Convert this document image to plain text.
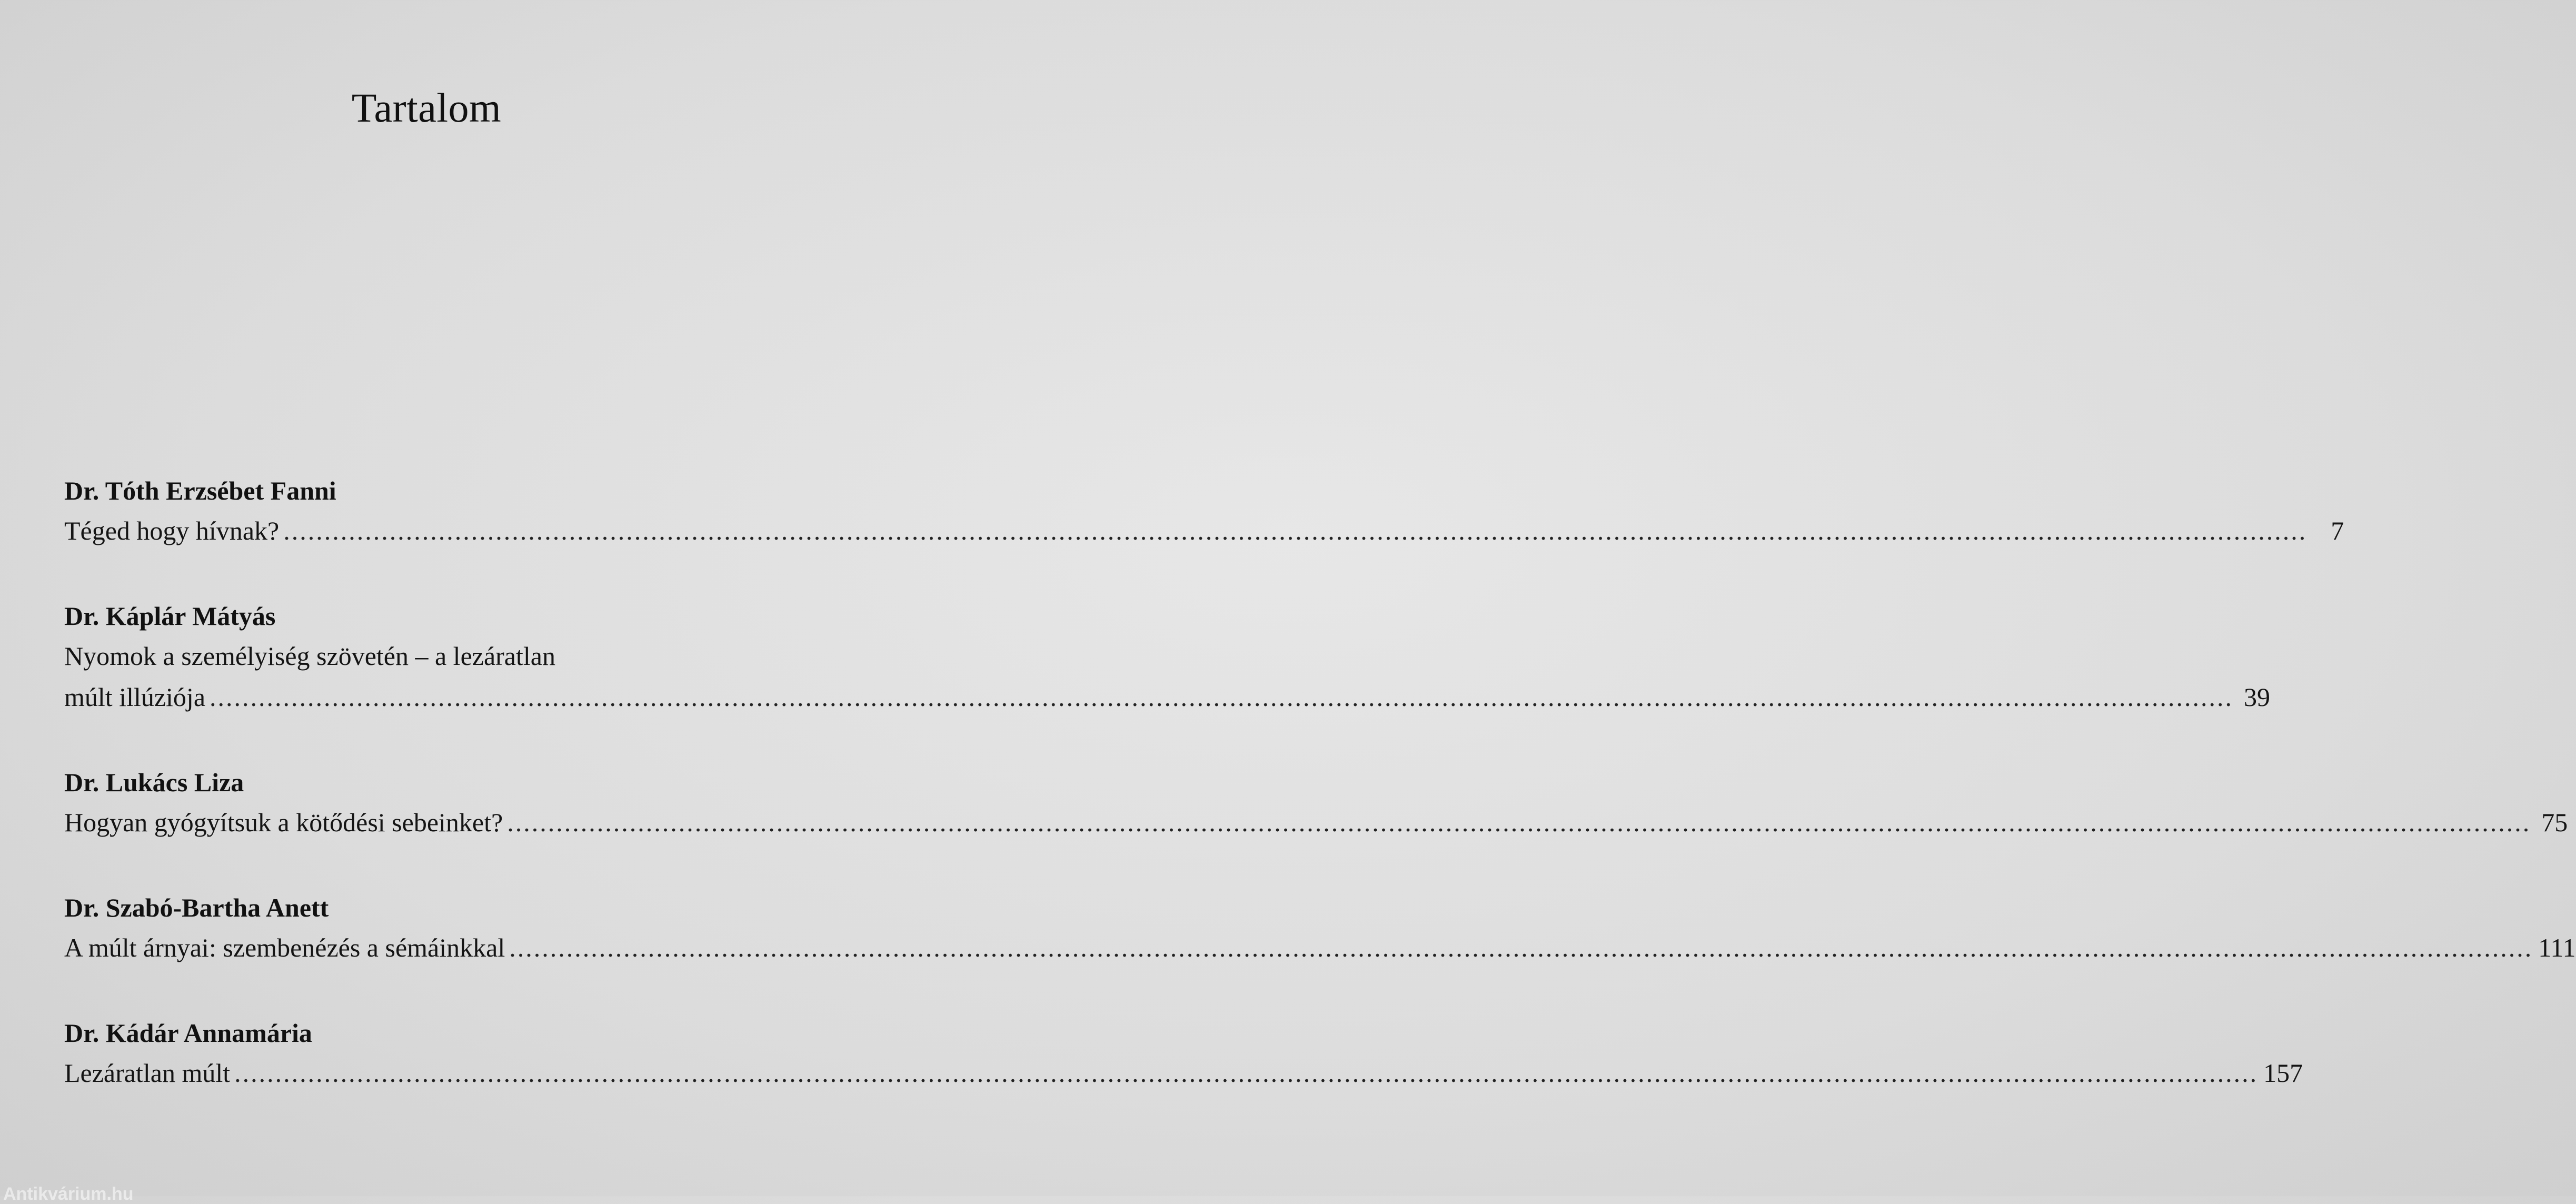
Tartalom
Dr. Tóth Erzsébet Fanni
Téged hogy hívnak? .....	7
Dr. Káplár Mátyás
Nyomok a személyiség szövetén – a lezáratlan
múlt illúziója .....	39
Dr. Lukács Liza
Hogyan gyógyítsuk a kötődési sebeinket? .....	75
Dr. Szabó-Bartha Anett
A múlt árnyai: szembenézés a sémáinkkal .....	111
Dr. Kádár Annamária
Lezáratlan múlt .....	157
Antikvárium.hu
